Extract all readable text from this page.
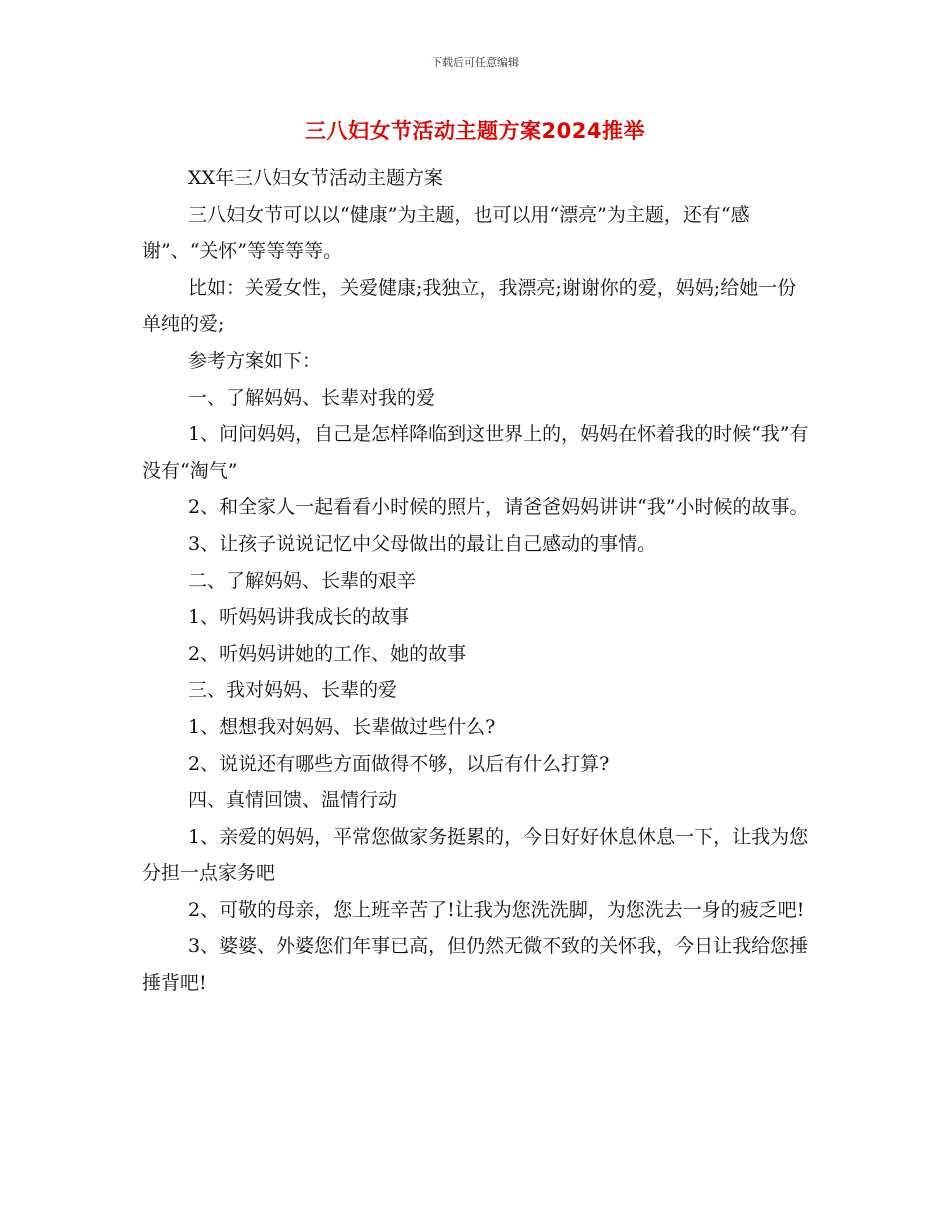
下载后可任意编辑
三八妇女节活动主题方案2024推举

XX年三八妇女节活动主题方案

三八妇女节可以以“健康”为主题，也可以用“漂亮”为主题，还有“感谢”、“关怀”等等等等。

比如：关爱女性，关爱健康;我独立，我漂亮;谢谢你的爱，妈妈;给她一份单纯的爱;

参考方案如下：

一、了解妈妈、长辈对我的爱

1、问问妈妈，自己是怎样降临到这世界上的，妈妈在怀着我的时候“我”有没有“淘气”

2、和全家人一起看看小时候的照片，请爸爸妈妈讲讲“我”小时候的故事。

3、让孩子说说记忆中父母做出的最让自己感动的事情。

二、了解妈妈、长辈的艰辛

1、听妈妈讲我成长的故事

2、听妈妈讲她的工作、她的故事

三、我对妈妈、长辈的爱

1、想想我对妈妈、长辈做过些什么?

2、说说还有哪些方面做得不够，以后有什么打算?

四、真情回馈、温情行动

1、亲爱的妈妈，平常您做家务挺累的，今日好好休息休息一下，让我为您分担一点家务吧

2、可敬的母亲，您上班辛苦了!让我为您洗洗脚，为您洗去一身的疲乏吧!

3、婆婆、外婆您们年事已高，但仍然无微不致的关怀我，今日让我给您捶捶背吧!
